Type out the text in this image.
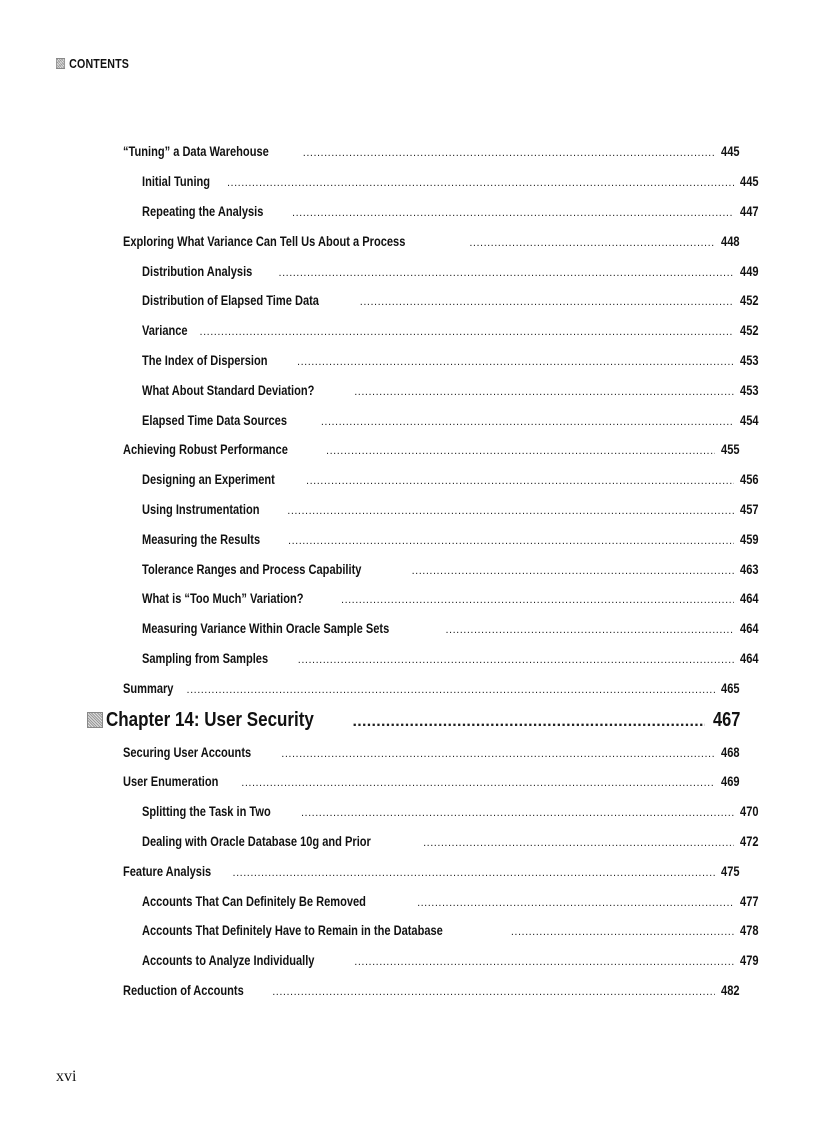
CONTENTS
“Tuning” a Data Warehouse .....	445
Initial Tuning .....	445
Repeating the Analysis .....	447
Exploring What Variance Can Tell Us About a Process .....	448
Distribution Analysis .....	449
Distribution of Elapsed Time Data .....	452
Variance .....	452
The Index of Dispersion .....	453
What About Standard Deviation? .....	453
Elapsed Time Data Sources .....	454
Achieving Robust Performance .....	455
Designing an Experiment .....	456
Using Instrumentation .....	457
Measuring the Results .....	459
Tolerance Ranges and Process Capability .....	463
What is “Too Much” Variation? .....	464
Measuring Variance Within Oracle Sample Sets .....	464
Sampling from Samples .....	464
Summary .....	465
Chapter 14: User Security .....	467
Securing User Accounts .....	468
User Enumeration .....	469
Splitting the Task in Two .....	470
Dealing with Oracle Database 10g and Prior .....	472
Feature Analysis .....	475
Accounts That Can Definitely Be Removed .....	477
Accounts That Definitely Have to Remain in the Database .....	478
Accounts to Analyze Individually .....	479
Reduction of Accounts .....	482
xvi
